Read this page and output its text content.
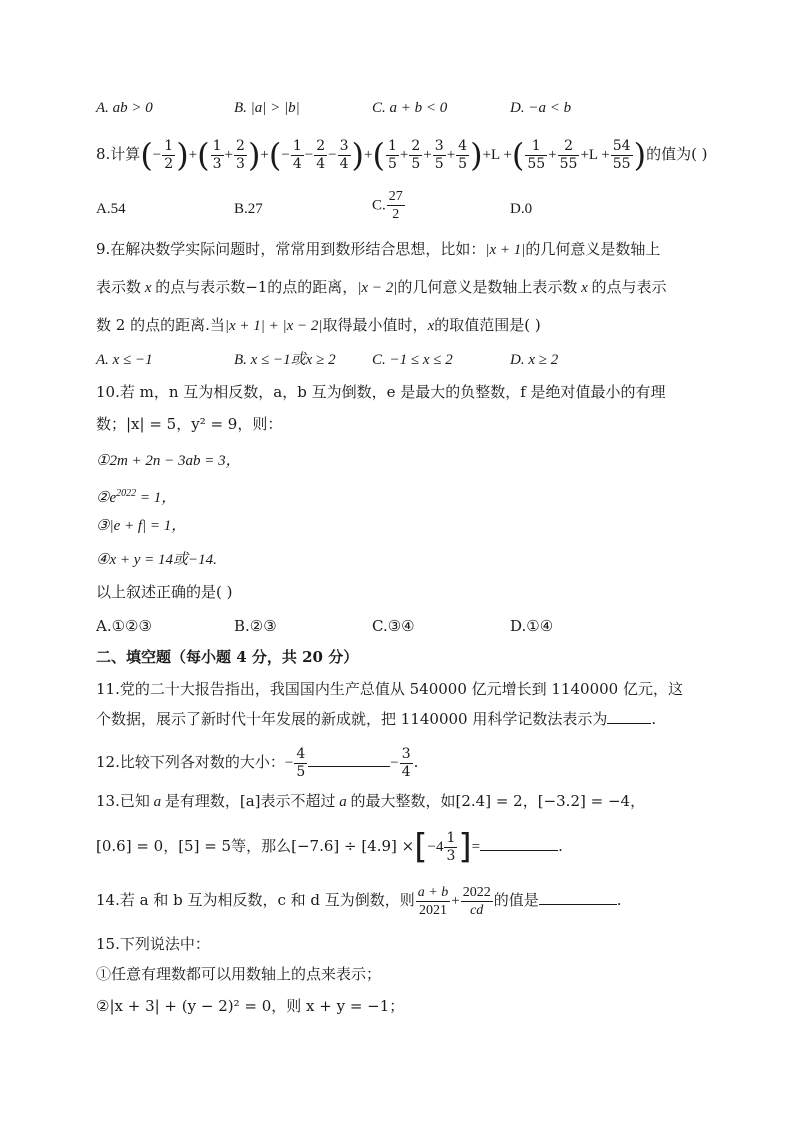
A. ab > 0	B. |a| > |b|	C. a + b < 0	D. −a < b
8.计算(− $\frac{1}{2}$ )+( $\frac{1}{3} + \frac{2}{3}$ )+(− $\frac{1}{4} - \frac{2}{4} - \frac{3}{4}$ )+( $\frac{1}{5} + \frac{2}{5} + \frac{3}{5} + \frac{4}{5} )+L$ +( $\frac{1}{55} + \frac{2}{55} +L + \frac{54}{55}$ )的值为( )
A.54	B.27	C. $\frac{27}{2}$	D.0
9.在解决数学实际问题时，常常用到数形结合思想，比如：|x + 1|的几何意义是数轴上
表示数 x 的点与表示数−1的点的距离，|x − 2|的几何意义是数轴上表示数 x 的点与表示
数 2 的点的距离.当|x + 1| + |x − 2|取得最小值时，x的取值范围是( )
A. x ≤ −1	B. x ≤ −1或x ≥ 2 C. −1 ≤ x ≤ 2	D. x ≥ 2
10.若 m，n 互为相反数，a，b 互为倒数，e 是最大的负整数，f 是绝对值最小的有理
数；|x| = 5，y² = 9，则：
①2m + 2n − 3ab = 3，
$②e^{2022} = 1$，
③|e + f| = 1，
④x + y = 14或−14.
以上叙述正确的是( )
A.①②③	B.②③	C.③④	D.①④
二、填空题（每小题 4 分，共 20 分）
11.党的二十大报告指出，我国国内生产总值从 540000 亿元增长到 1140000 亿元，这
个数据，展示了新时代十年发展的新成就，把 1140000 用科学记数法表示为	.
12.比较下列各对数的大小：− $\frac{4}{5}$	− $\frac{3}{4}$ .
13.已知 a 是有理数，[a]表示不超过 a 的最大整数，如[2.4] = 2，[−3.2] = −4，
[0.6] = 0，[5] = 5等，那么$[-7.6] \div [4.9] \times[-4 \frac{1}{3}$ ]=	.
14.若 a 和 b 互为相反数，c 和 d 互为倒数，则 $\frac{a + b}{2021} + \frac{2022}{cd}$ 的值是	.
15.下列说法中：
①任意有理数都可以用数轴上的点来表示；
②|x + 3| + (y − 2)² = 0，则 x + y = −1；
